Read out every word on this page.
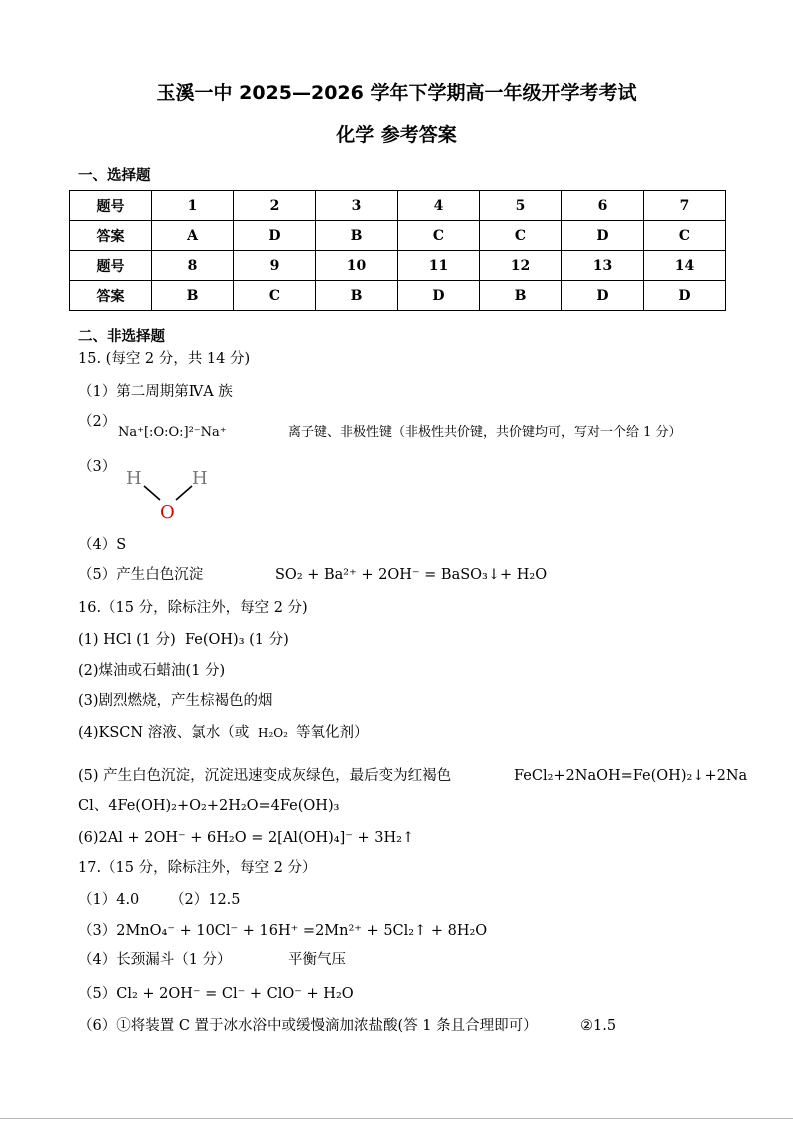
玉溪一中 2025—2026 学年下学期高一年级开学考考试
化学 参考答案
一、选择题
题号	1	2	3	4	5	6	7
答案	A	D	B	C	C	D	C
题号	8	9	10	11	12	13	14
答案	B	C	B	D	B	D	D
二、非选择题
15. (每空 2 分，共 14 分)
（1）第二周期第ⅣA 族
（2）
Na⁺[:O:O:]²⁻Na⁺	离子键、非极性键（非极性共价键，共价键均可，写对一个给 1 分）
（3）
H	H
O
（4）S
（5）产生白色沉淀	SO₂ + Ba²⁺ + 2OH⁻ = BaSO₃↓+ H₂O
16.（15 分，除标注外，每空 2 分)
(1) HCl (1 分) Fe(OH)₃ (1 分)
(2)煤油或石蜡油(1 分)
(3)剧烈燃烧，产生棕褐色的烟
(4)KSCN 溶液、氯水（或 H₂O₂ 等氧化剂）
(5) 产生白色沉淀，沉淀迅速变成灰绿色，最后变为红褐色	FeCl₂+2NaOH=Fe(OH)₂↓+2Na
Cl、4Fe(OH)₂+O₂+2H₂O=4Fe(OH)₃
(6)2Al + 2OH⁻ + 6H₂O = 2[Al(OH)₄]⁻ + 3H₂↑
17.（15 分，除标注外，每空 2 分）
（1）4.0 （2）12.5
（3）2MnO₄⁻ + 10Cl⁻ + 16H⁺ =2Mn²⁺ + 5Cl₂↑ + 8H₂O
（4）长颈漏斗（1 分）	平衡气压
（5）Cl₂ + 2OH⁻ = Cl⁻ + ClO⁻ + H₂O
（6）①将装置 C 置于冰水浴中或缓慢滴加浓盐酸(答 1 条且合理即可）	②1.5
